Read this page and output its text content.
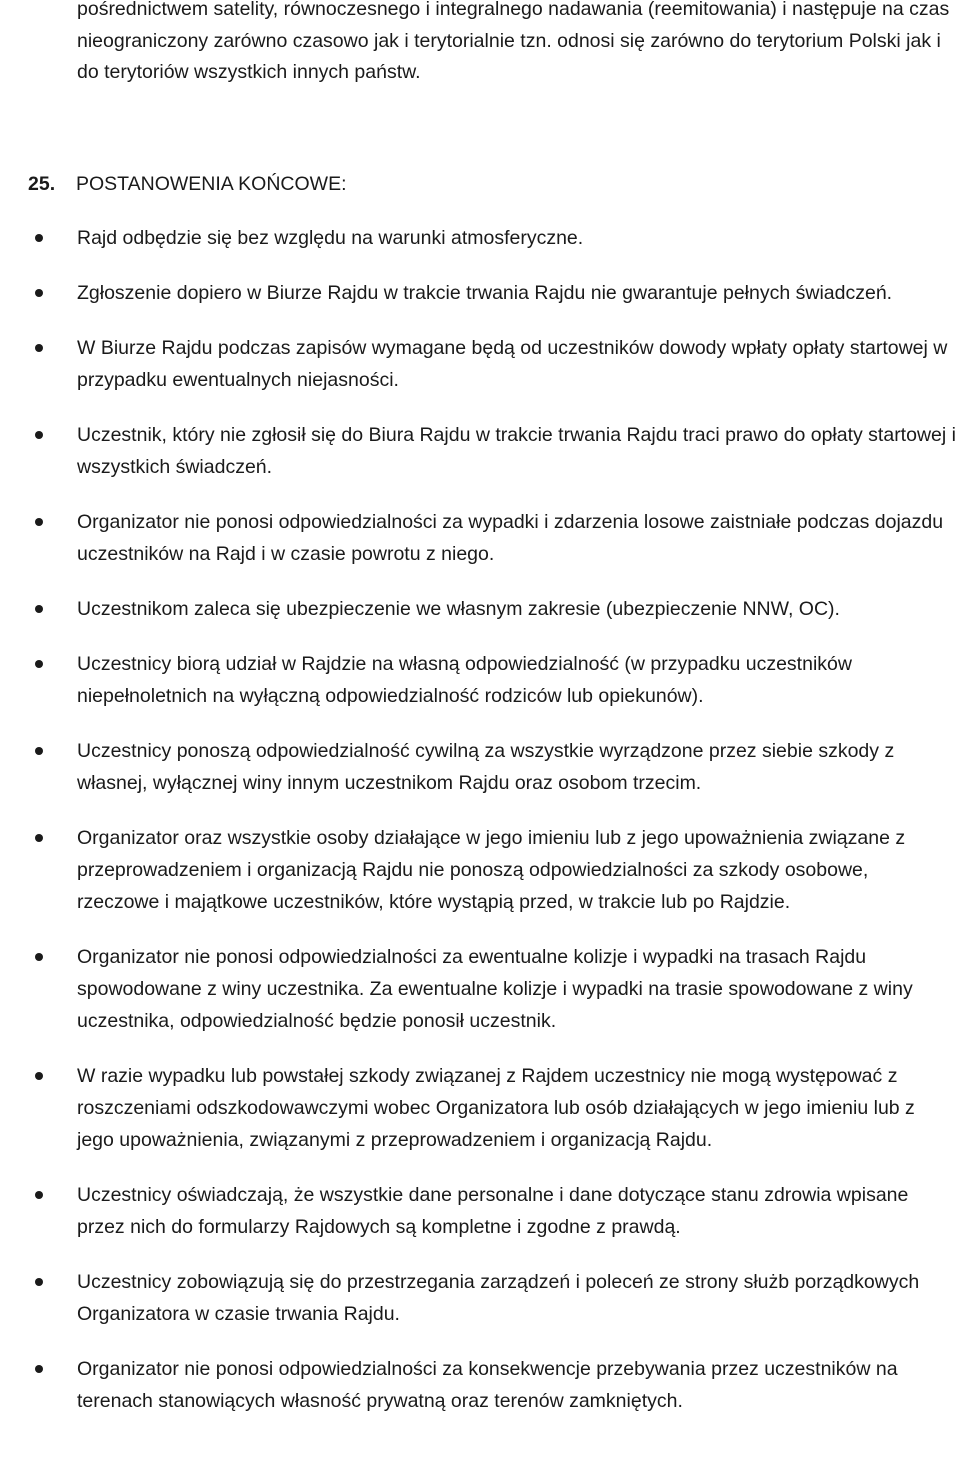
pośrednictwem satelity, równoczesnego i integralnego nadawania (reemitowania) i następuje na czas nieograniczony zarówno czasowo jak i terytorialnie tzn. odnosi się zarówno do terytorium Polski jak i do terytoriów wszystkich innych państw.

25. POSTANOWENIA KOŃCOWE:
Rajd odbędzie się bez względu na warunki atmosferyczne.
Zgłoszenie dopiero w Biurze Rajdu w trakcie trwania Rajdu nie gwarantuje pełnych świadczeń.
W Biurze Rajdu podczas zapisów wymagane będą od uczestników dowody wpłaty opłaty startowej w przypadku ewentualnych niejasności.
Uczestnik, który nie zgłosił się do Biura Rajdu w trakcie trwania Rajdu traci prawo do opłaty startowej i wszystkich świadczeń.
Organizator nie ponosi odpowiedzialności za wypadki i zdarzenia losowe zaistniałe podczas dojazdu uczestników na Rajd i w czasie powrotu z niego.
Uczestnikom zaleca się ubezpieczenie we własnym zakresie (ubezpieczenie NNW, OC).
Uczestnicy biorą udział w Rajdzie na własną odpowiedzialność (w przypadku uczestników niepełnoletnich na wyłączną odpowiedzialność rodziców lub opiekunów).
Uczestnicy ponoszą odpowiedzialność cywilną za wszystkie wyrządzone przez siebie szkody z własnej, wyłącznej winy innym uczestnikom Rajdu oraz osobom trzecim.
Organizator oraz wszystkie osoby działające w jego imieniu lub z jego upoważnienia związane z przeprowadzeniem i organizacją Rajdu nie ponoszą odpowiedzialności za szkody osobowe, rzeczowe i majątkowe uczestników, które wystąpią przed, w trakcie lub po Rajdzie.
Organizator nie ponosi odpowiedzialności za ewentualne kolizje i wypadki na trasach Rajdu spowodowane z winy uczestnika. Za ewentualne kolizje i wypadki na trasie spowodowane z winy uczestnika, odpowiedzialność będzie ponosił uczestnik.
W razie wypadku lub powstałej szkody związanej z Rajdem uczestnicy nie mogą występować z roszczeniami odszkodowawczymi wobec Organizatora lub osób działających w jego imieniu lub z jego upoważnienia, związanymi z przeprowadzeniem i organizacją Rajdu.
Uczestnicy oświadczają, że wszystkie dane personalne i dane dotyczące stanu zdrowia wpisane przez nich do formularzy Rajdowych są kompletne i zgodne z prawdą.
Uczestnicy zobowiązują się do przestrzegania zarządzeń i poleceń ze strony służb porządkowych Organizatora w czasie trwania Rajdu.
Organizator nie ponosi odpowiedzialności za konsekwencje przebywania przez uczestników na terenach stanowiących własność prywatną oraz terenów zamkniętych.
